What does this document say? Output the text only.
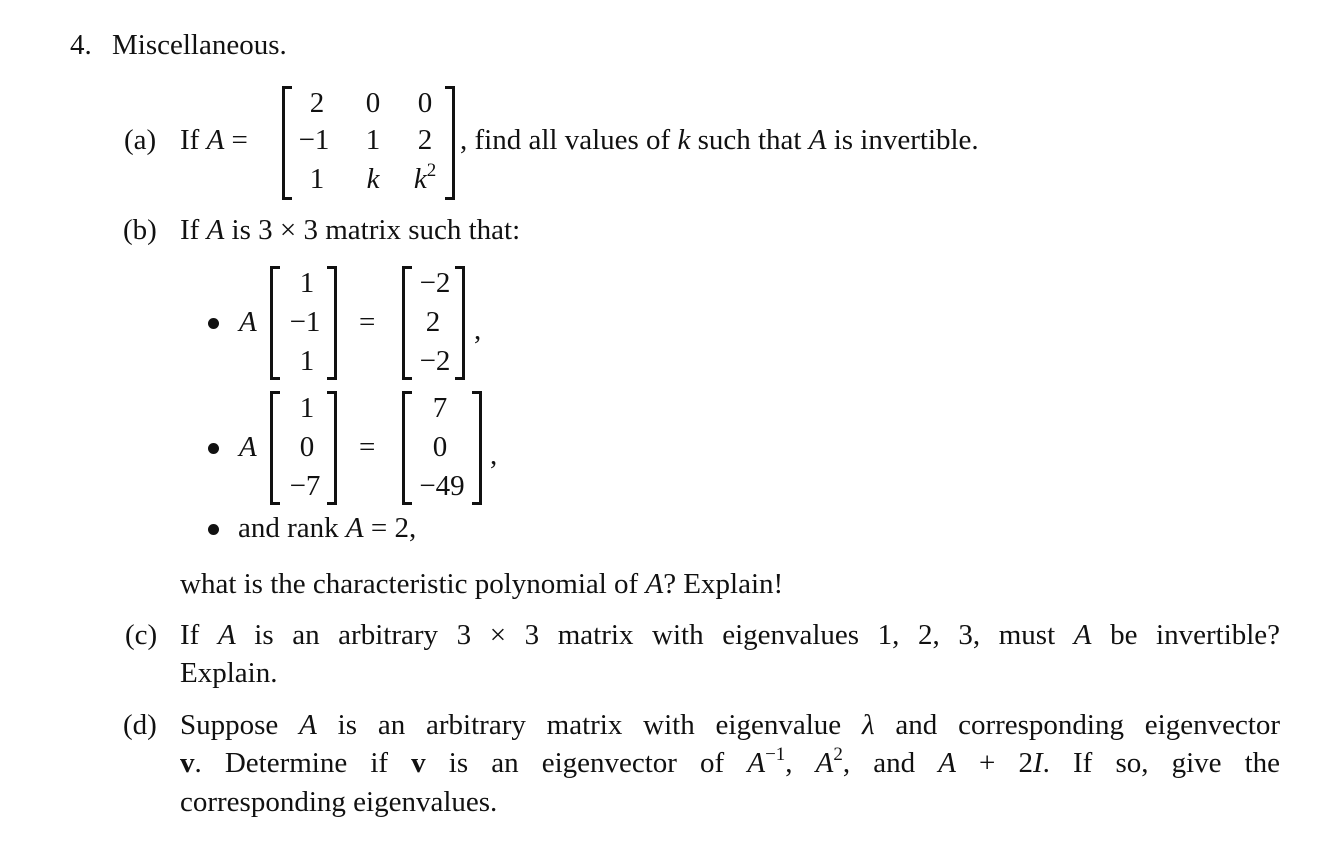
4. Miscellaneous.
(a) If A =
2	0 0
−1 1 2
1	k $k^2$
, find all values of k such that A is invertible.
(b) If A is 3 × 3 matrix such that:
A
1
−1
1
=
−2
2
−2
,
A
1
0
−7
=
7
0
−49
,
and rank A = 2,
what is the characteristic polynomial of A? Explain!
(c) If A is an arbitrary 3 × 3 matrix with eigenvalues 1, 2, 3, must A be invertible?
Explain.
(d) Suppose A is an arbitrary matrix with eigenvalue λ and corresponding eigenvector
v. Determine if v is an eigenvector of $A^{-1}$, $A^2$, and A + 2I. If so, give the
corresponding eigenvalues.
